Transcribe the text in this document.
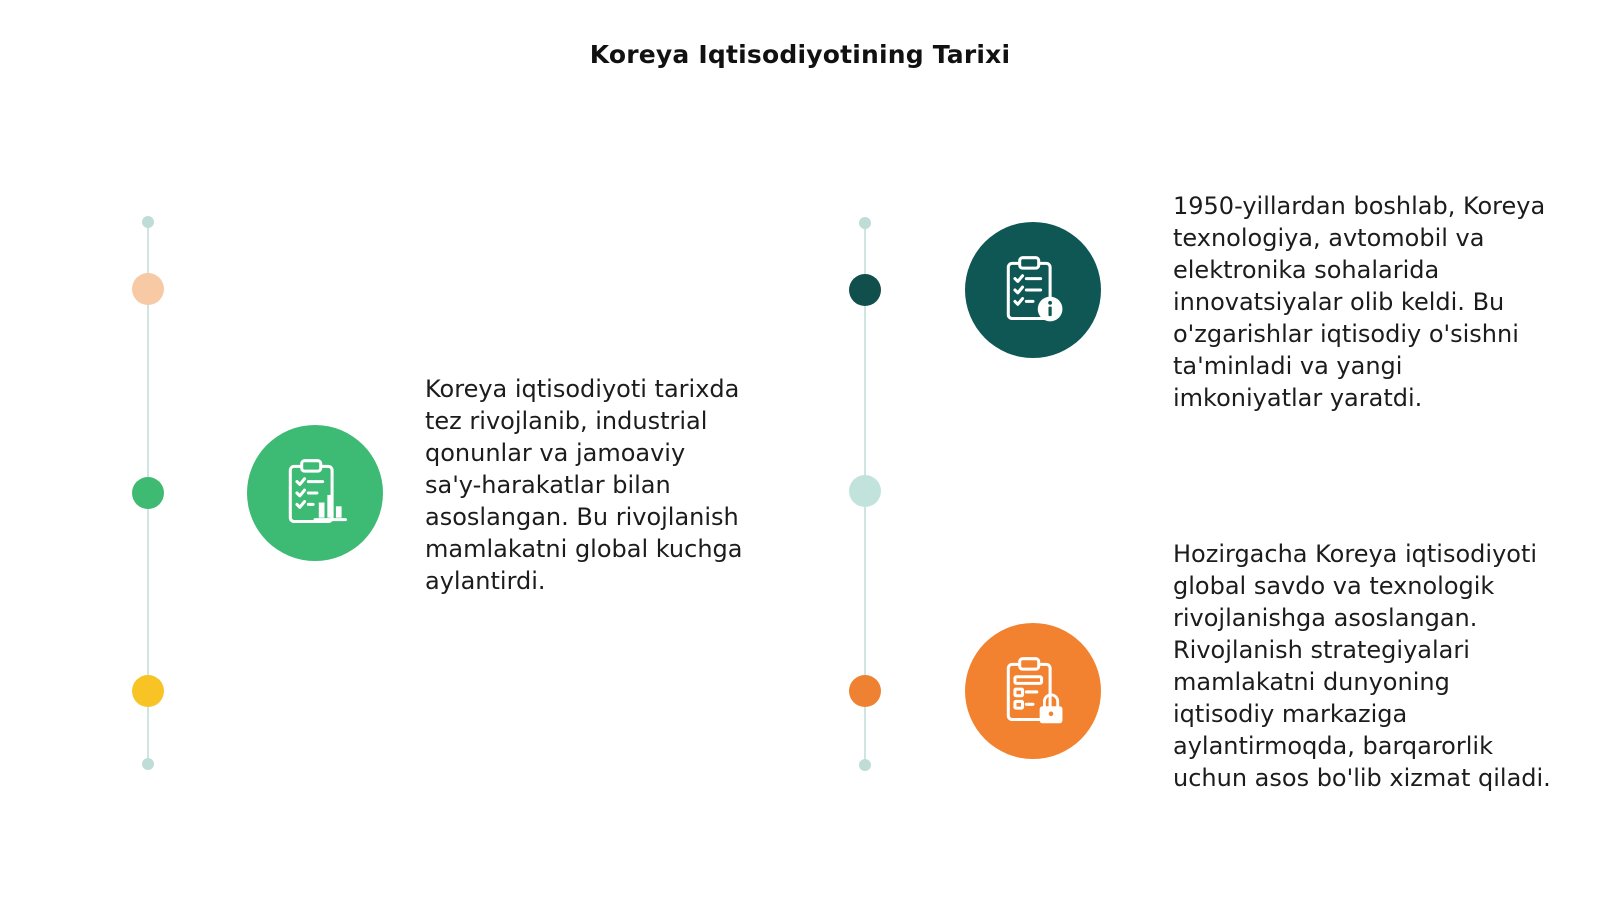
Koreya Iqtisodiyotining Tarixi
Koreya iqtisodiyoti tarixda tez rivojlanib, industrial qonunlar va jamoaviy sa'y-harakatlar bilan asoslangan. Bu rivojlanish mamlakatni global kuchga aylantirdi.
1950-yillardan boshlab, Koreya texnologiya, avtomobil va elektronika sohalarida innovatsiyalar olib keldi. Bu o'zgarishlar iqtisodiy o'sishni ta'minladi va yangi imkoniyatlar yaratdi.
Hozirgacha Koreya iqtisodiyoti global savdo va texnologik rivojlanishga asoslangan. Rivojlanish strategiyalari mamlakatni dunyoning iqtisodiy markaziga aylantirmoqda, barqarorlik uchun asos bo'lib xizmat qiladi.
